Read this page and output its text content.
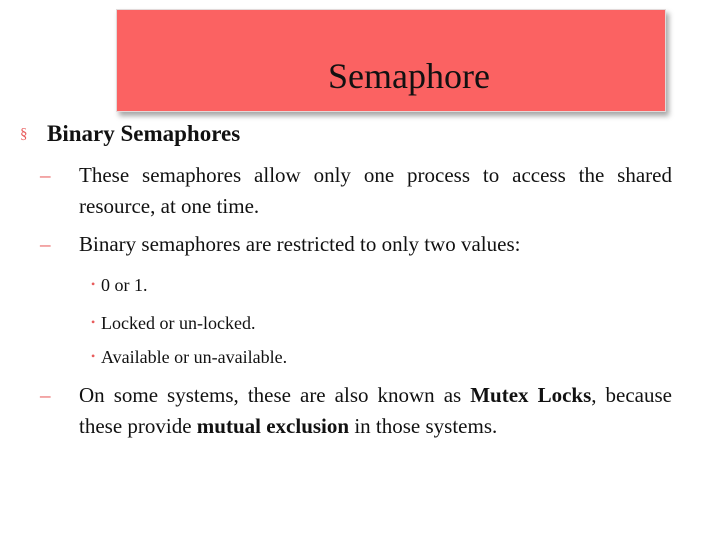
Semaphore
§ Binary Semaphores
– These semaphores allow only one process to access the shared resource, at one time.
– Binary semaphores are restricted to only two values:
• 0 or 1.
• Locked or un-locked.
• Available or un-available.
– On some systems, these are also known as Mutex Locks, because these provide mutual exclusion in those systems.
